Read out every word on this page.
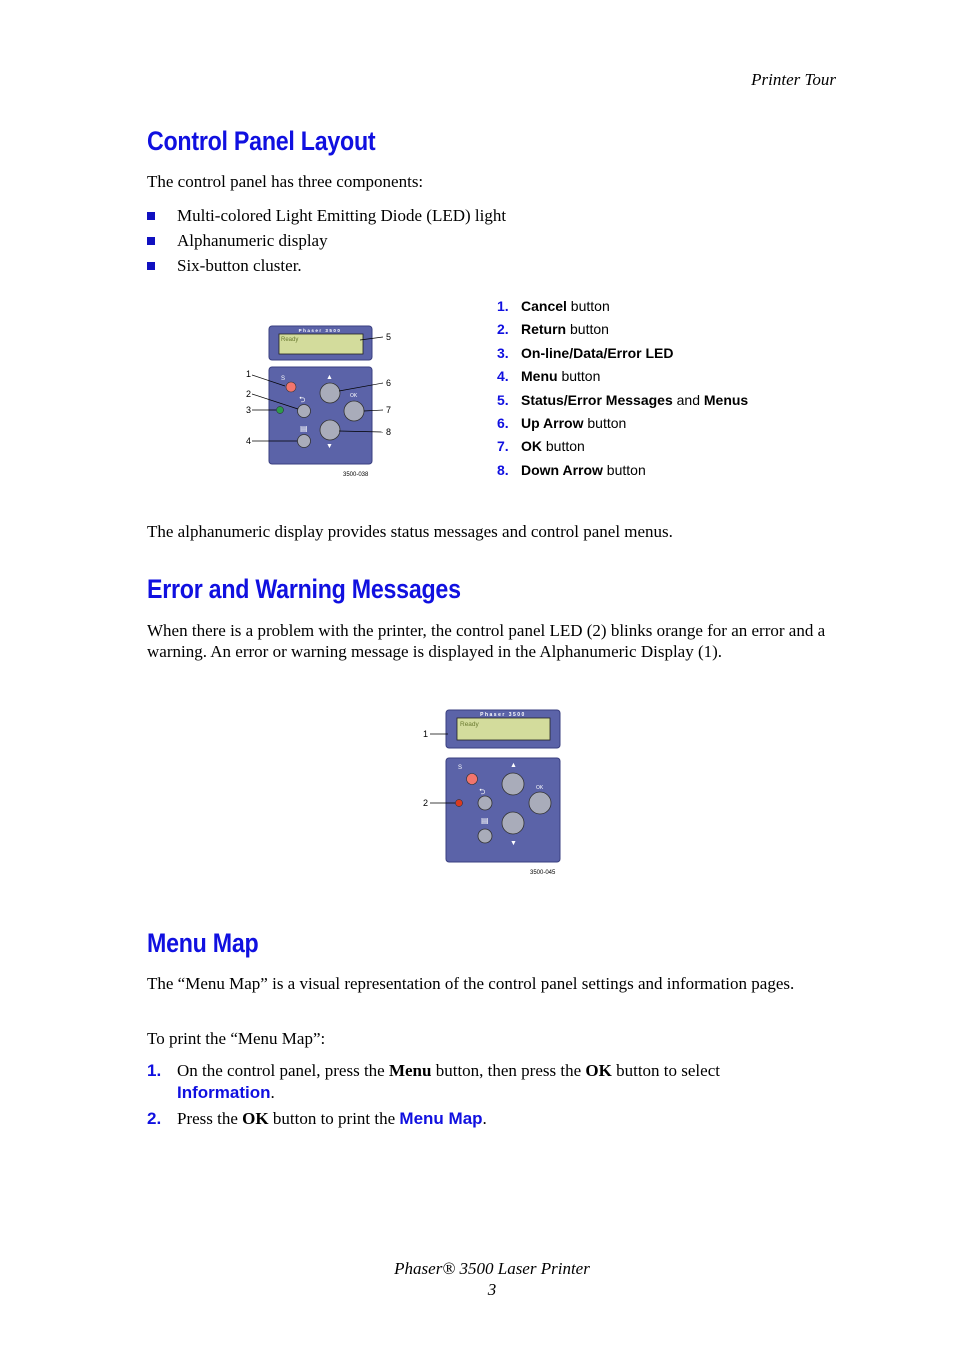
Printer Tour
Control Panel Layout
The control panel has three components:
Multi-colored Light Emitting Diode (LED) light
Alphanumeric display
Six-button cluster.
Phaser 3500
Ready
S
⮌
▤
▲
OK
▼
1
2
3
4
5
6
7
8
3500-038
1. Cancel button
2. Return button
3. On-line/Data/Error LED
4. Menu button
5. Status/Error Messages and Menus
6. Up Arrow button
7. OK button
8. Down Arrow button
The alphanumeric display provides status messages and control panel menus.
Error and Warning Messages
When there is a problem with the printer, the control panel LED (2) blinks orange for an error and a warning. An error or warning message is displayed in the Alphanumeric Display (1).
Phaser 3500
Ready
S
⮌
▤
▲
OK
▼
1
2
3500-045
Menu Map
The “Menu Map” is a visual representation of the control panel settings and information pages.
To print the “Menu Map”:
1. On the control panel, press the Menu button, then press the OK button to select
Information.
2. Press the OK button to print the Menu Map.
Phaser® 3500 Laser Printer
3
